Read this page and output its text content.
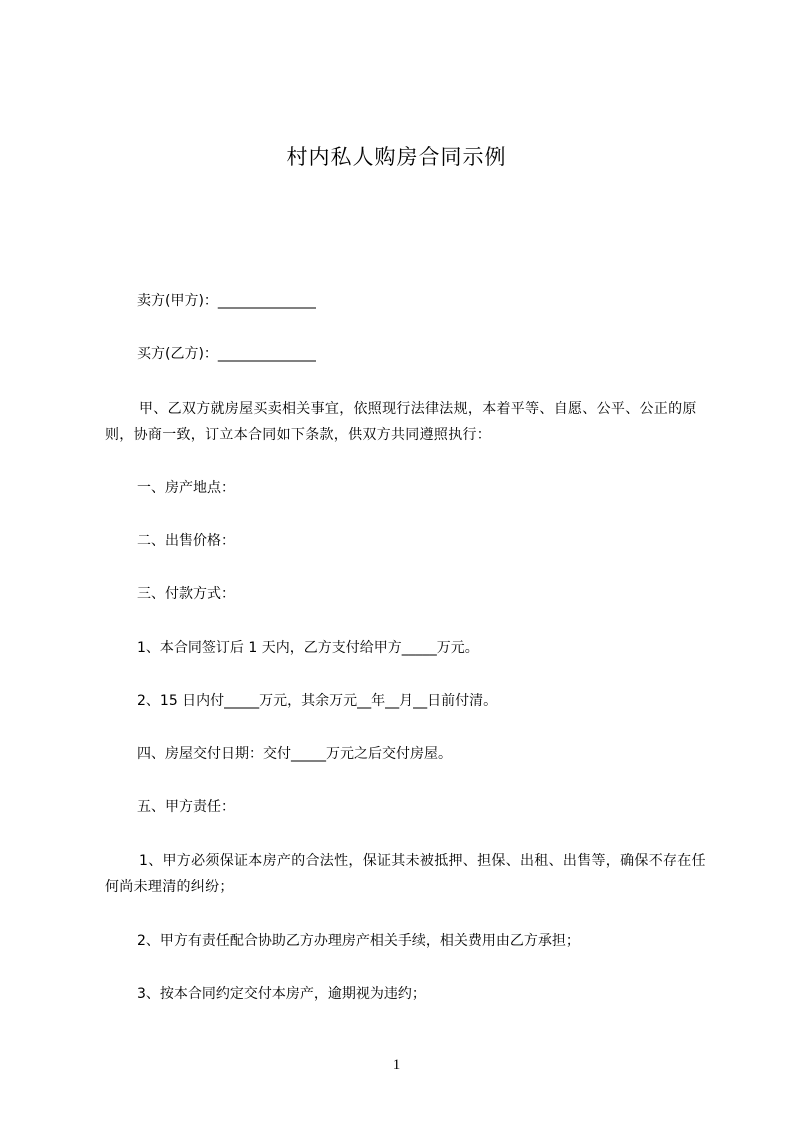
村内私人购房合同示例
卖方(甲方)：______________
买方(乙方)：______________
甲、乙双方就房屋买卖相关事宜，依照现行法律法规，本着平等、自愿、公平、公正的原则，协商一致，订立本合同如下条款，供双方共同遵照执行：
一、房产地点：
二、出售价格：
三、付款方式：
1、本合同签订后 1 天内，乙方支付给甲方_____万元。
2、15 日内付_____万元，其余万元__年__月__日前付清。
四、房屋交付日期：交付_____万元之后交付房屋。
五、甲方责任：
1、甲方必须保证本房产的合法性，保证其未被抵押、担保、出租、出售等，确保不存在任何尚未理清的纠纷；
2、甲方有责任配合协助乙方办理房产相关手续，相关费用由乙方承担；
3、按本合同约定交付本房产，逾期视为违约；
1
